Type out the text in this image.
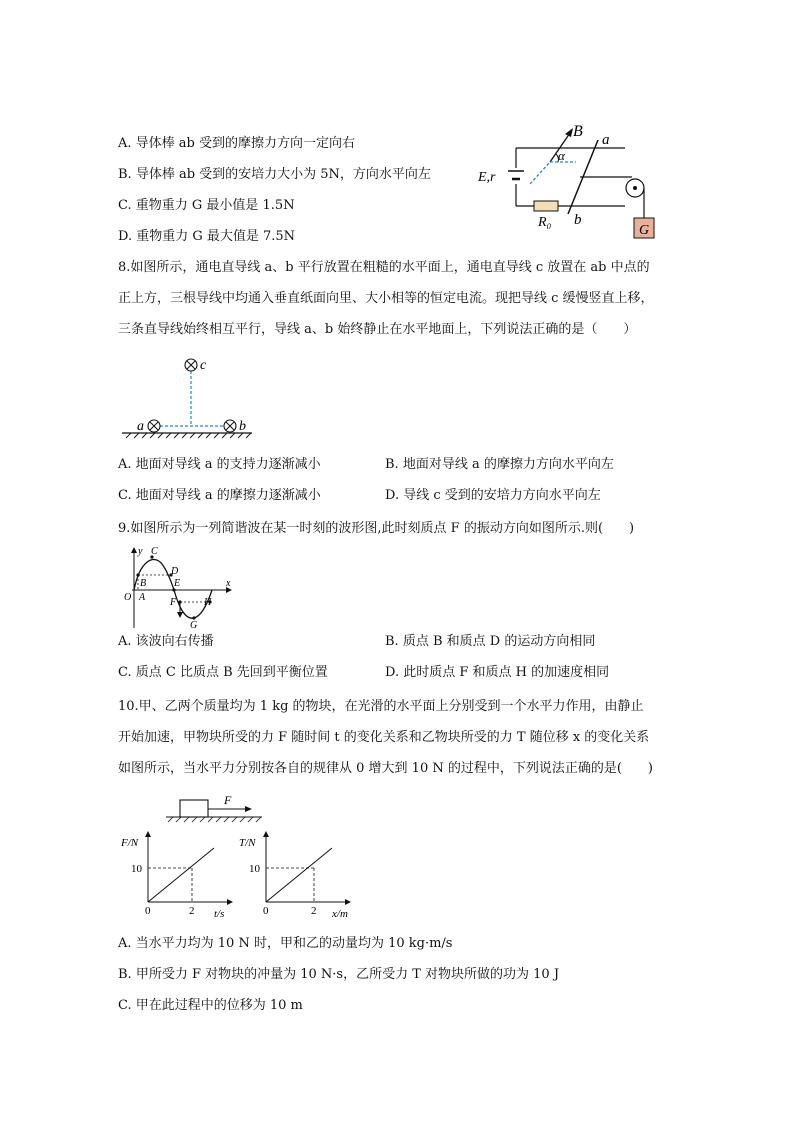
A. 导体棒 ab 受到的摩擦力方向一定向右
B. 导体棒 ab 受到的安培力大小为 5N，方向水平向左
C. 重物重力 G 最小值是 1.5N
D. 重物重力 G 最大值是 7.5N
B a
α
E,r
R₀ b
G
8.如图所示，通电直导线 a、b 平行放置在粗糙的水平面上，通电直导线 c 放置在 ab 中点的
正上方，三根导线中均通入垂直纸面向里、大小相等的恒定电流。现把导线 c 缓慢竖直上移，
三条直导线始终相互平行，导线 a、b 始终静止在水平地面上，下列说法正确的是（　　）
c
a	b
A. 地面对导线 a 的支持力逐渐减小	B. 地面对导线 a 的摩擦力方向水平向左
C. 地面对导线 a 的摩擦力逐渐减小	D. 导线 c 受到的安培力方向水平向左
9.如图所示为一列简谐波在某一时刻的波形图,此时刻质点 F 的振动方向如图所示.则(　　)
y
x
O A
B
C
D
E
F
G
H
A. 该波向右传播	B. 质点 B 和质点 D 的运动方向相同
C. 质点 C 比质点 B 先回到平衡位置	D. 此时质点 F 和质点 H 的加速度相同
10.甲、乙两个质量均为 1 kg 的物块，在光滑的水平面上分别受到一个水平力作用，由静止
开始加速，甲物块所受的力 F 随时间 t 的变化关系和乙物块所受的力 T 随位移 x 的变化关系
如图所示，当水平力分别按各自的规律从 0 增大到 10 N 的过程中，下列说法正确的是(　　)
F
F/N
10
0	2 t/s
T/N
10
0	2 x/m
A. 当水平力均为 10 N 时，甲和乙的动量均为 10 kg·m/s
B. 甲所受力 F 对物块的冲量为 10 N·s，乙所受力 T 对物块所做的功为 10 J
C. 甲在此过程中的位移为 10 m
